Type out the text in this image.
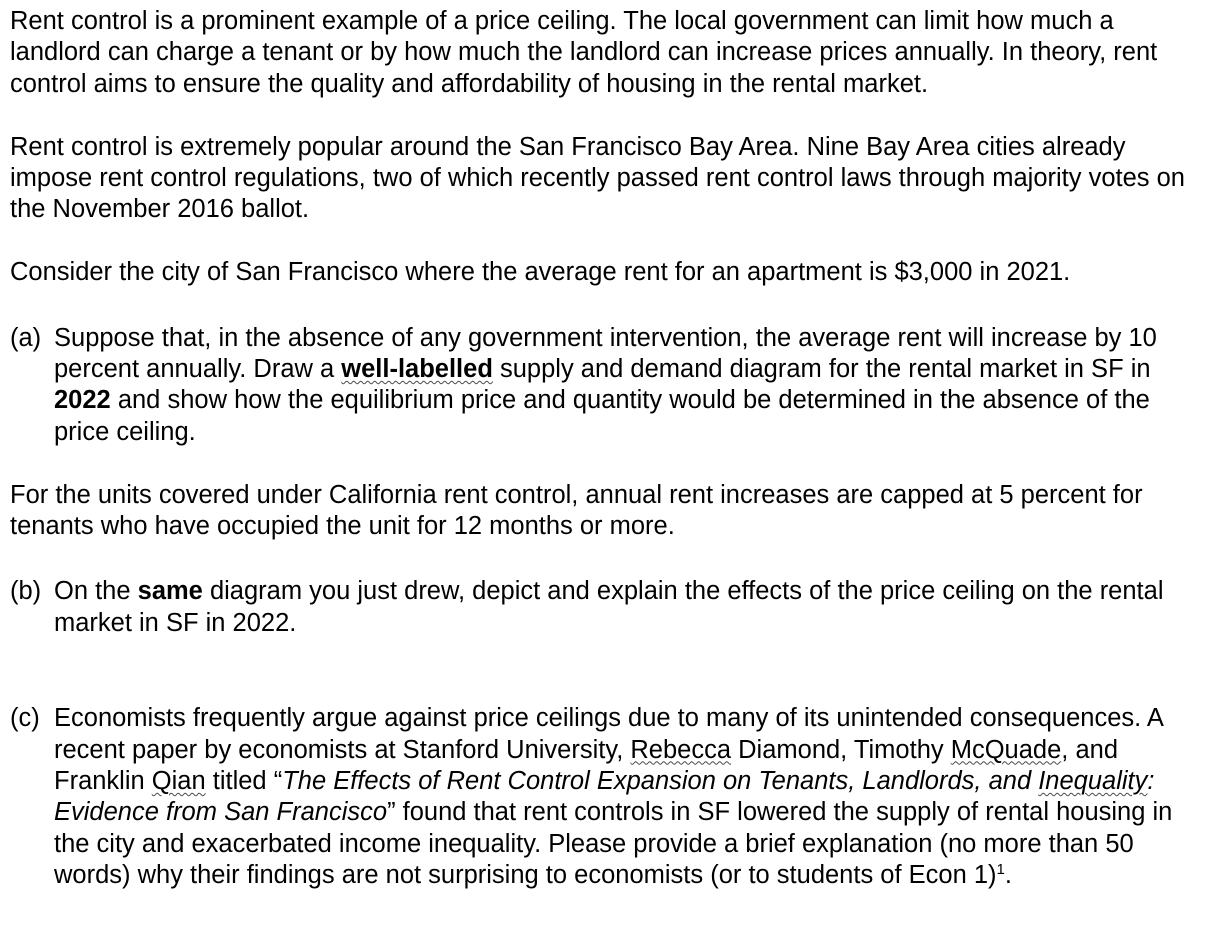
Rent control is a prominent example of a price ceiling. The local government can limit how much a landlord can charge a tenant or by how much the landlord can increase prices annually. In theory, rent control aims to ensure the quality and affordability of housing in the rental market.

Rent control is extremely popular around the San Francisco Bay Area. Nine Bay Area cities already impose rent control regulations, two of which recently passed rent control laws through majority votes on the November 2016 ballot.

Consider the city of San Francisco where the average rent for an apartment is $3,000 in 2021.

(a) Suppose that, in the absence of any government intervention, the average rent will increase by 10 percent annually. Draw a well-labelled supply and demand diagram for the rental market in SF in 2022 and show how the equilibrium price and quantity would be determined in the absence of the price ceiling.

For the units covered under California rent control, annual rent increases are capped at 5 percent for tenants who have occupied the unit for 12 months or more.

(b) On the same diagram you just drew, depict and explain the effects of the price ceiling on the rental market in SF in 2022.
(c) Economists frequently argue against price ceilings due to many of its unintended consequences. A recent paper by economists at Stanford University, Rebecca Diamond, Timothy McQuade, and Franklin Qian titled “The Effects of Rent Control Expansion on Tenants, Landlords, and Inequality: Evidence from San Francisco” found that rent controls in SF lowered the supply of rental housing in the city and exacerbated income inequality. Please provide a brief explanation (no more than 50 words) why their findings are not surprising to economists (or to students of Econ 1)$^1$.
